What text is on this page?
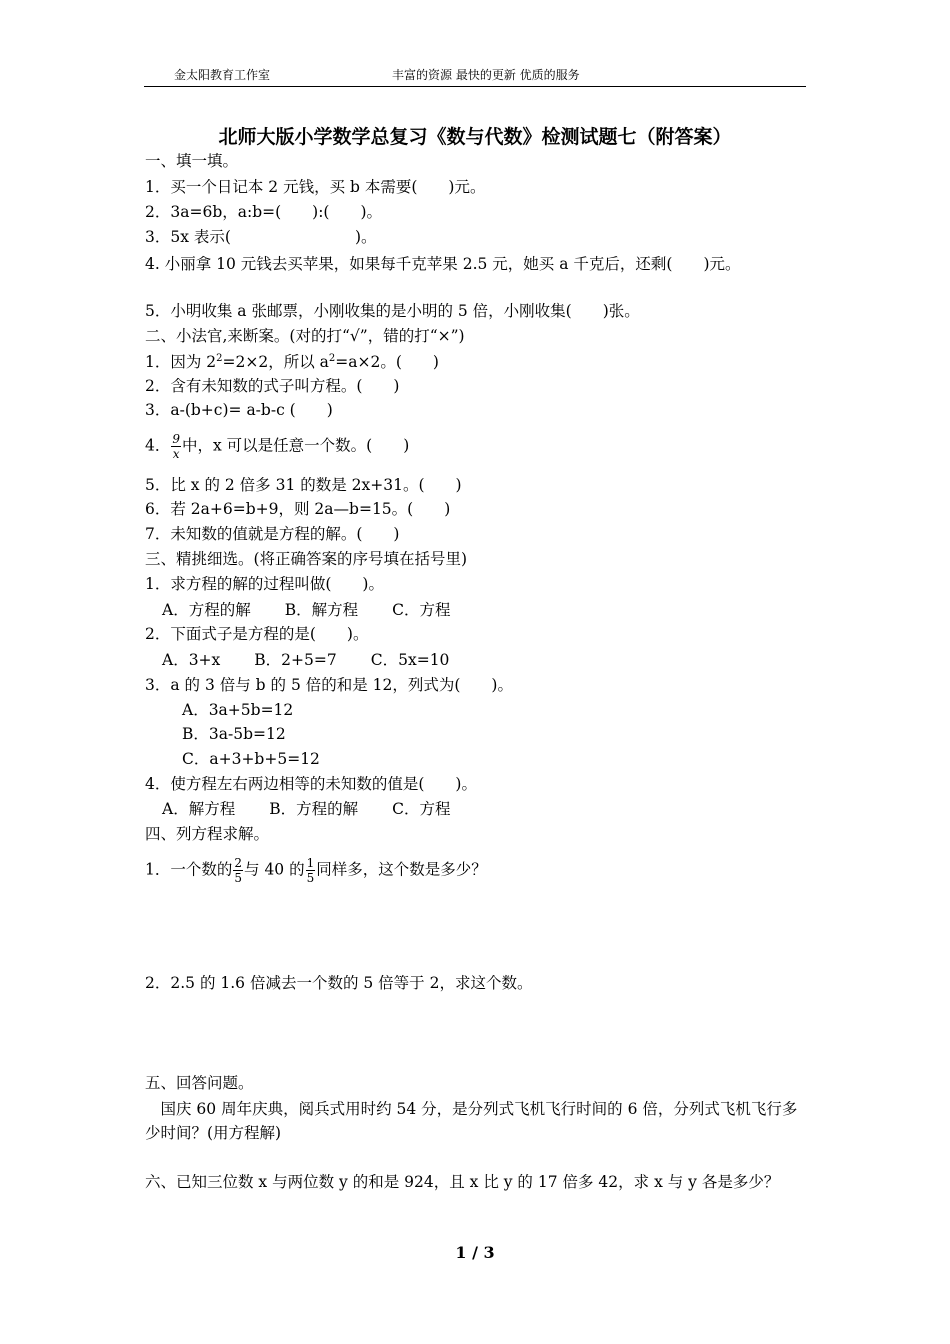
金太阳教育工作室	丰富的资源 最快的更新 优质的服务
北师大版小学数学总复习《数与代数》检测试题七（附答案）
一、填一填。
1．买一个日记本 2 元钱，买 b 本需要(　　)元。
2．3a=6b，a:b=(　　):(　　)。
3．5x 表示(　　　　　　　　)。
4. 小丽拿 10 元钱去买苹果，如果每千克苹果 2.5 元，她买 a 千克后，还剩(　　)元。
5．小明收集 a 张邮票，小刚收集的是小明的 5 倍，小刚收集(　　)张。
二、小法官,来断案。(对的打“√”，错的打“×”)
1．因为 $2^2=2\times 2$，所以 $a^2=a\times 2$。(　　)
2．含有未知数的式子叫方程。(　　)
3．a-(b+c)= a-b-c (　　)
4． $\frac{9}{x}$ 中，x 可以是任意一个数。(　　)
5．比 x 的 2 倍多 31 的数是 2x+31。(　　)
6．若 2a+6=b+9，则 2a—b=15。(　　)
7．未知数的值就是方程的解。(　　)
三、精挑细选。(将正确答案的序号填在括号里)
1．求方程的解的过程叫做(　　)。
A．方程的解 B．解方程 C．方程
2．下面式子是方程的是(　　)。
A．3+x B．2+5=7 C．5x=10
3．a 的 3 倍与 b 的 5 倍的和是 12，列式为(　　)。
A．3a+5b=12
B．3a-5b=12
C．a+3+b+5=12
4．使方程左右两边相等的未知数的值是(　　)。
A．解方程 B．方程的解 C．方程
四、列方程求解。
1．一个数的 $\frac{2}{5}$ 与 40 的 $\frac{1}{5}$ 同样多，这个数是多少？
2．2.5 的 1.6 倍减去一个数的 5 倍等于 2，求这个数。
五、回答问题。
　国庆 60 周年庆典，阅兵式用时约 54 分，是分列式飞机飞行时间的 6 倍，分列式飞机飞行多少时间？(用方程解)
六、已知三位数 x 与两位数 y 的和是 924，且 x 比 y 的 17 倍多 42，求 x 与 y 各是多少？
1 / 3
